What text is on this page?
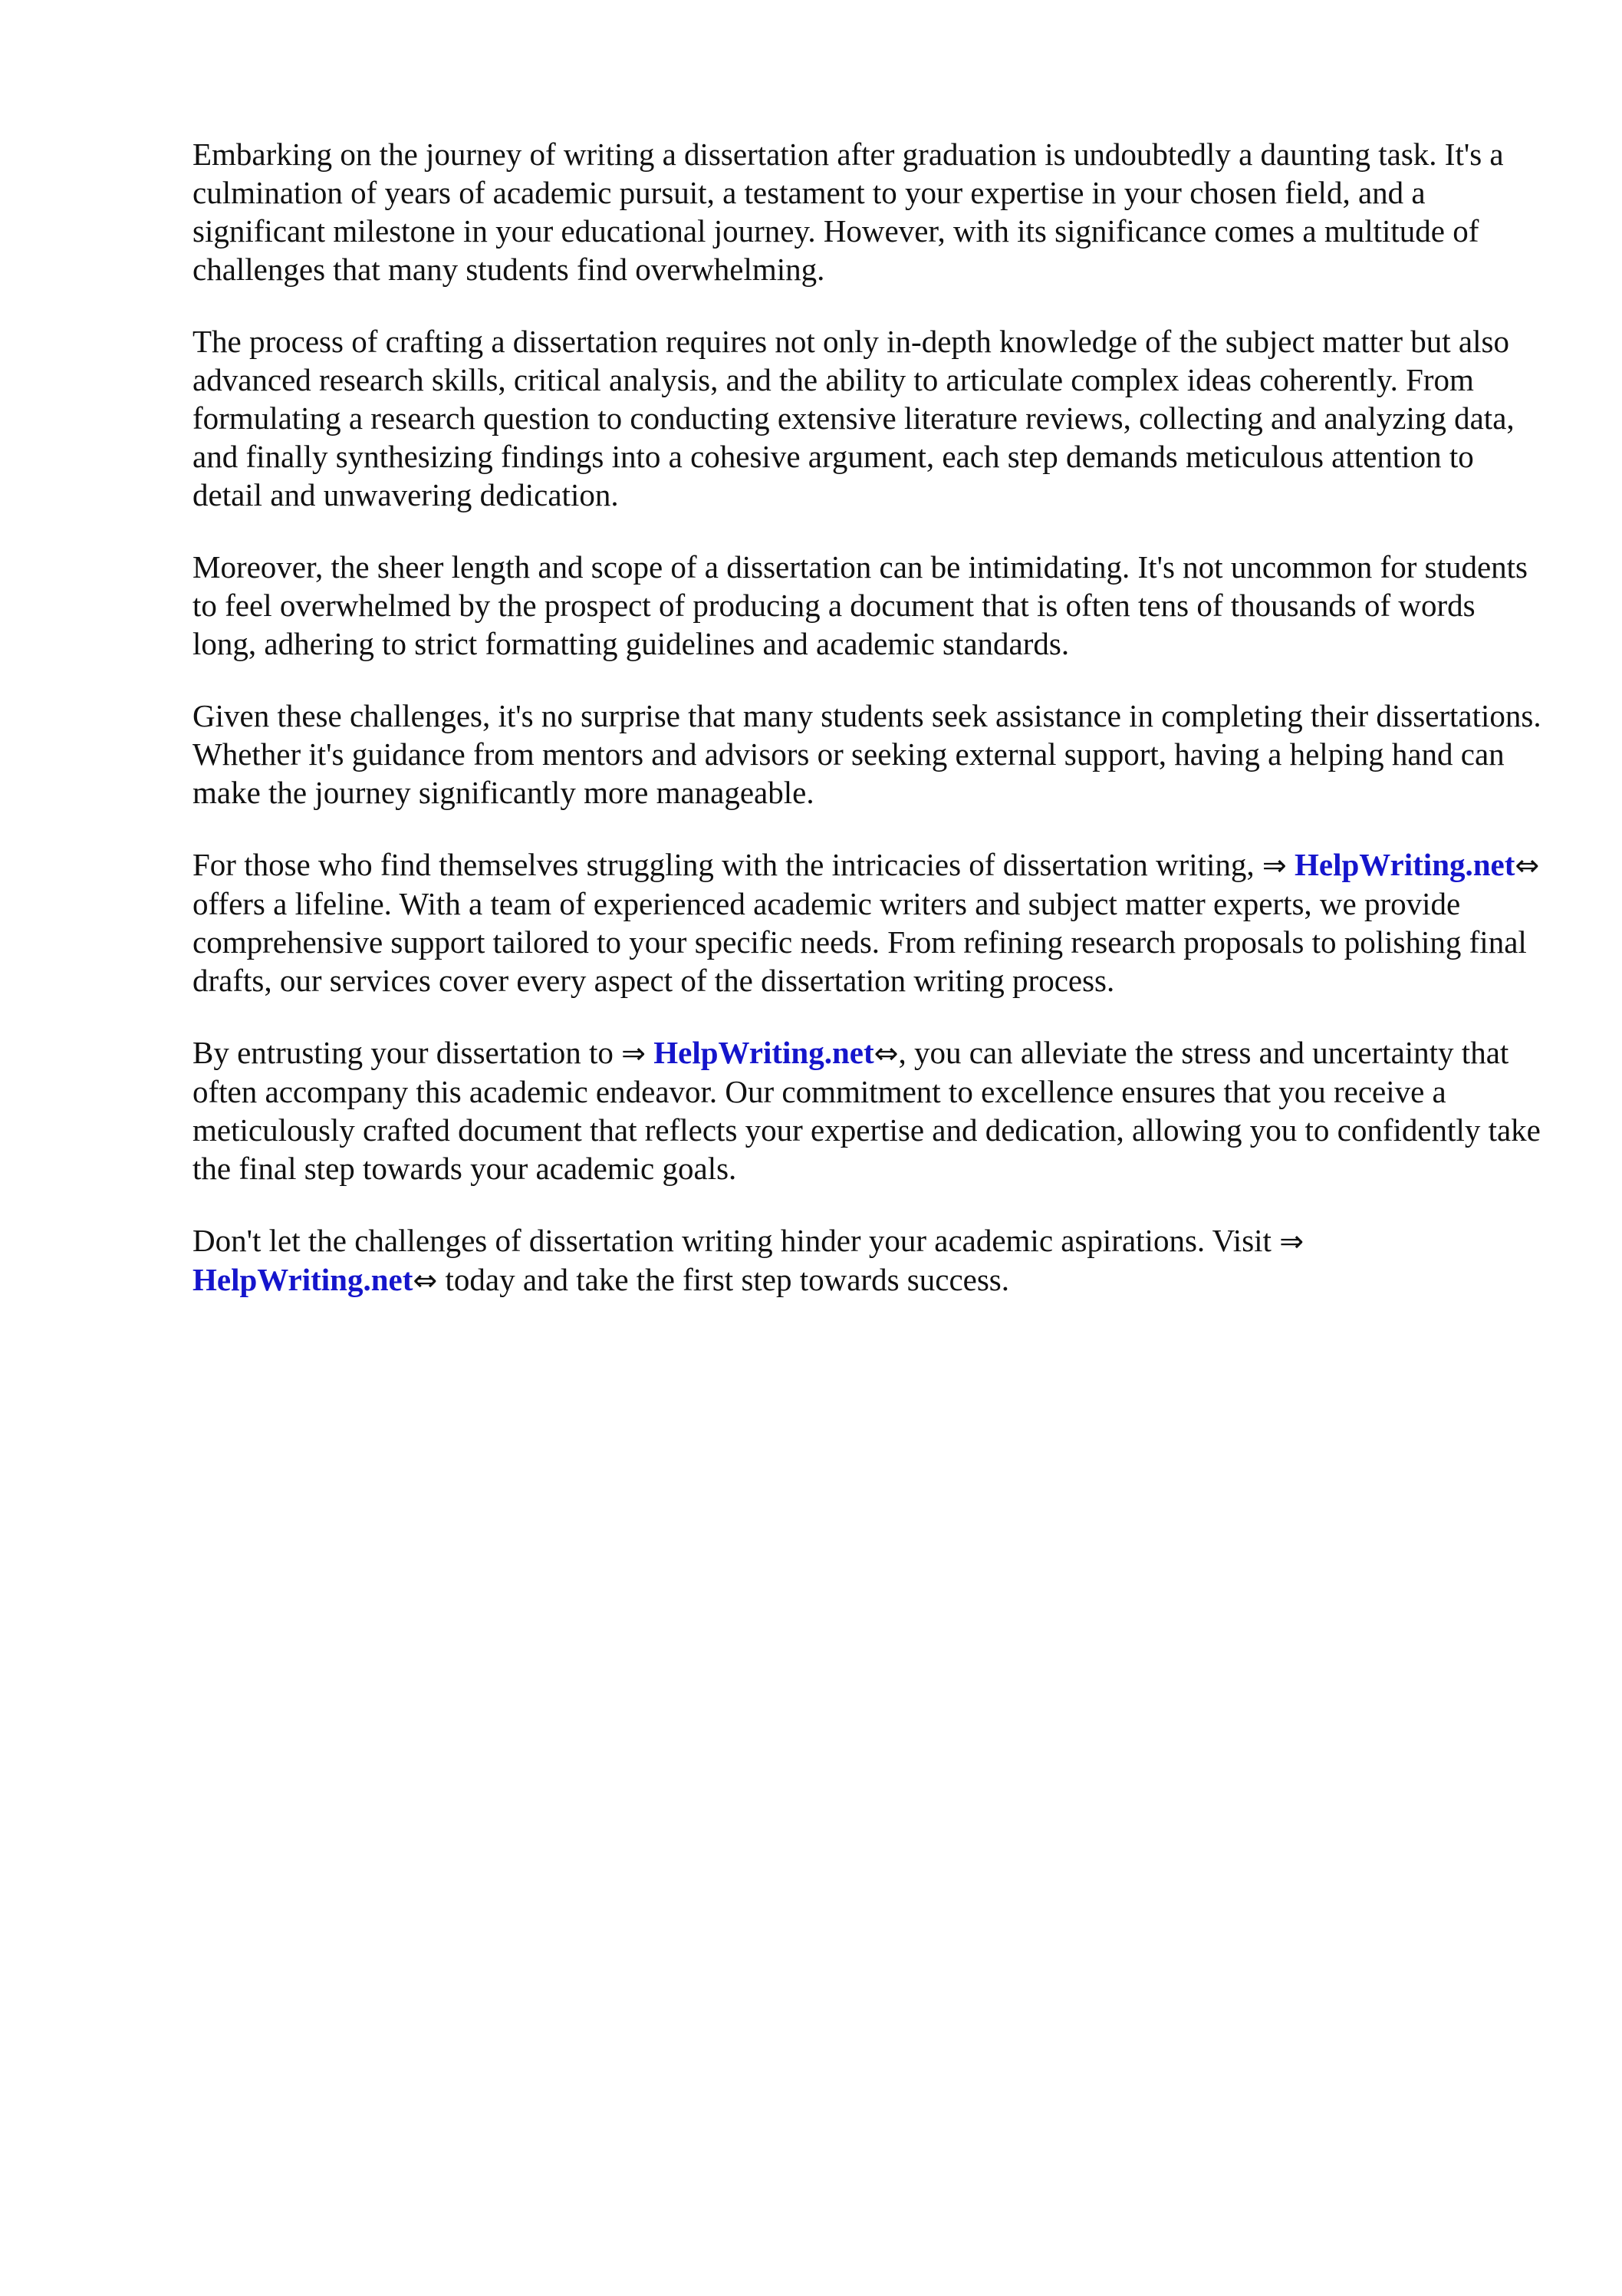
Embarking on the journey of writing a dissertation after graduation is undoubtedly a daunting task. It's a culmination of years of academic pursuit, a testament to your expertise in your chosen field, and a significant milestone in your educational journey. However, with its significance comes a multitude of challenges that many students find overwhelming.

The process of crafting a dissertation requires not only in-depth knowledge of the subject matter but also advanced research skills, critical analysis, and the ability to articulate complex ideas coherently. From formulating a research question to conducting extensive literature reviews, collecting and analyzing data, and finally synthesizing findings into a cohesive argument, each step demands meticulous attention to detail and unwavering dedication.

Moreover, the sheer length and scope of a dissertation can be intimidating. It's not uncommon for students to feel overwhelmed by the prospect of producing a document that is often tens of thousands of words long, adhering to strict formatting guidelines and academic standards.

Given these challenges, it's no surprise that many students seek assistance in completing their dissertations. Whether it's guidance from mentors and advisors or seeking external support, having a helping hand can make the journey significantly more manageable.

For those who find themselves struggling with the intricacies of dissertation writing, ⇒ HelpWriting.net⇔ offers a lifeline. With a team of experienced academic writers and subject matter experts, we provide comprehensive support tailored to your specific needs. From refining research proposals to polishing final drafts, our services cover every aspect of the dissertation writing process.

By entrusting your dissertation to ⇒ HelpWriting.net⇔, you can alleviate the stress and uncertainty that often accompany this academic endeavor. Our commitment to excellence ensures that you receive a meticulously crafted document that reflects your expertise and dedication, allowing you to confidently take the final step towards your academic goals.

Don't let the challenges of dissertation writing hinder your academic aspirations. Visit ⇒ HelpWriting.net⇔ today and take the first step towards success.
